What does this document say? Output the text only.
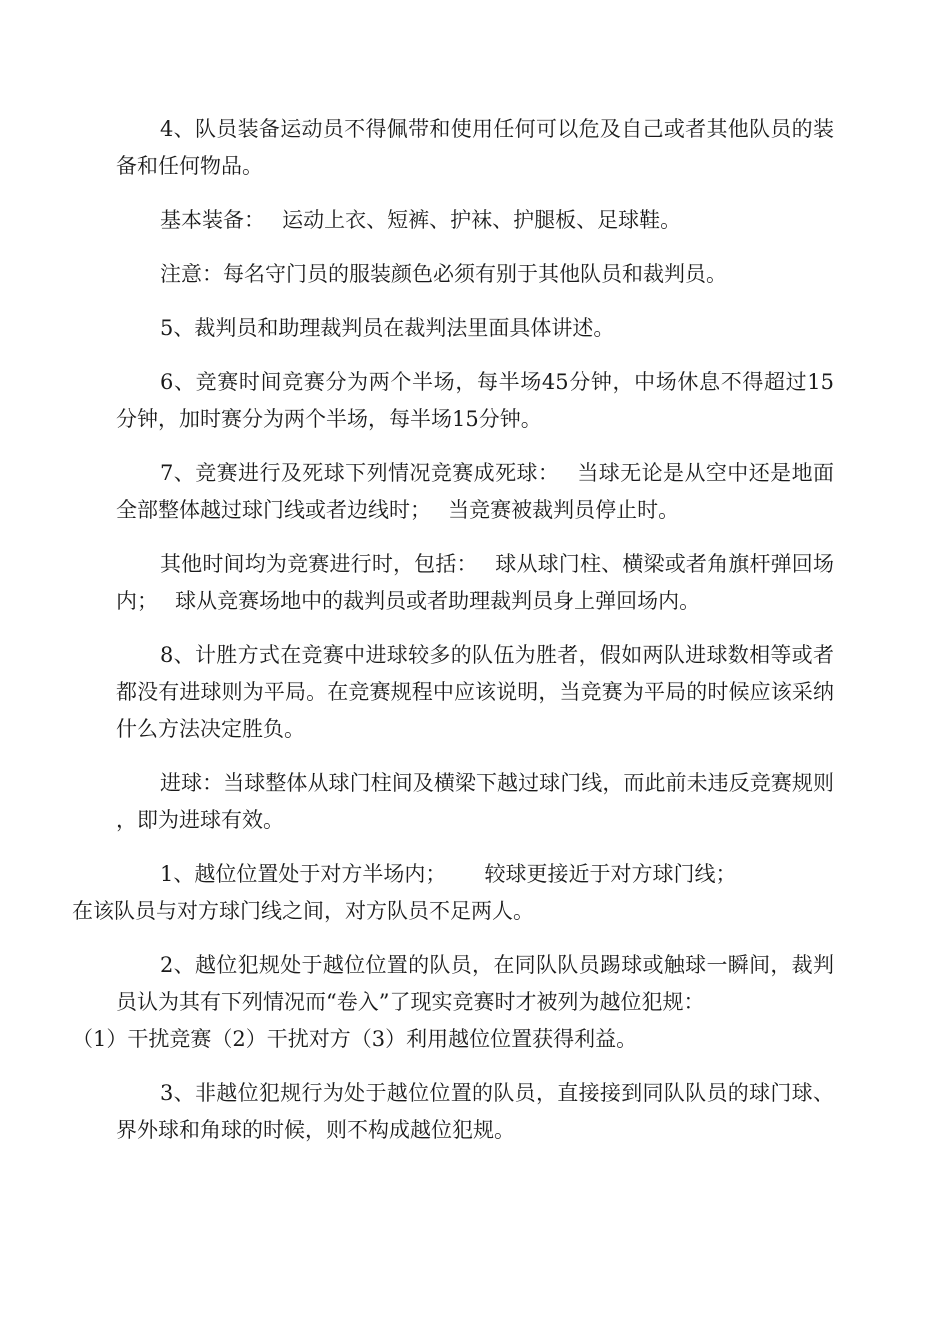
4、队员装备运动员不得佩带和使用任何可以危及自己或者其他队员的装备和任何物品。

基本装备：　 运动上衣、短裤、护袜、护腿板、足球鞋。

注意：每名守门员的服装颜色必须有别于其他队员和裁判员。

5、裁判员和助理裁判员在裁判法里面具体讲述。

6、竞赛时间竞赛分为两个半场，每半场45分钟，中场休息不得超过15分钟，加时赛分为两个半场，每半场15分钟。

7、竞赛进行及死球下列情况竞赛成死球：　 当球无论是从空中还是地面全部整体越过球门线或者边线时；　 当竞赛被裁判员停止时。

其他时间均为竞赛进行时，包括：　 球从球门柱、横梁或者角旗杆弹回场内；　 球从竞赛场地中的裁判员或者助理裁判员身上弹回场内。

8、计胜方式在竞赛中进球较多的队伍为胜者，假如两队进球数相等或者都没有进球则为平局。在竞赛规程中应该说明，当竞赛为平局的时候应该采纳什么方法决定胜负。

进球：当球整体从球门柱间及横梁下越过球门线，而此前未违反竞赛规则，即为进球有效。

1、越位位置处于对方半场内；　　 较球更接近于对方球门线；
在该队员与对方球门线之间，对方队员不足两人。

2、越位犯规处于越位位置的队员，在同队队员踢球或触球一瞬间，裁判员认为其有下列情况而“卷入”了现实竞赛时才被列为越位犯规：
（1）干扰竞赛（2）干扰对方（3）利用越位位置获得利益。

3、非越位犯规行为处于越位位置的队员，直接接到同队队员的球门球、界外球和角球的时候，则不构成越位犯规。
